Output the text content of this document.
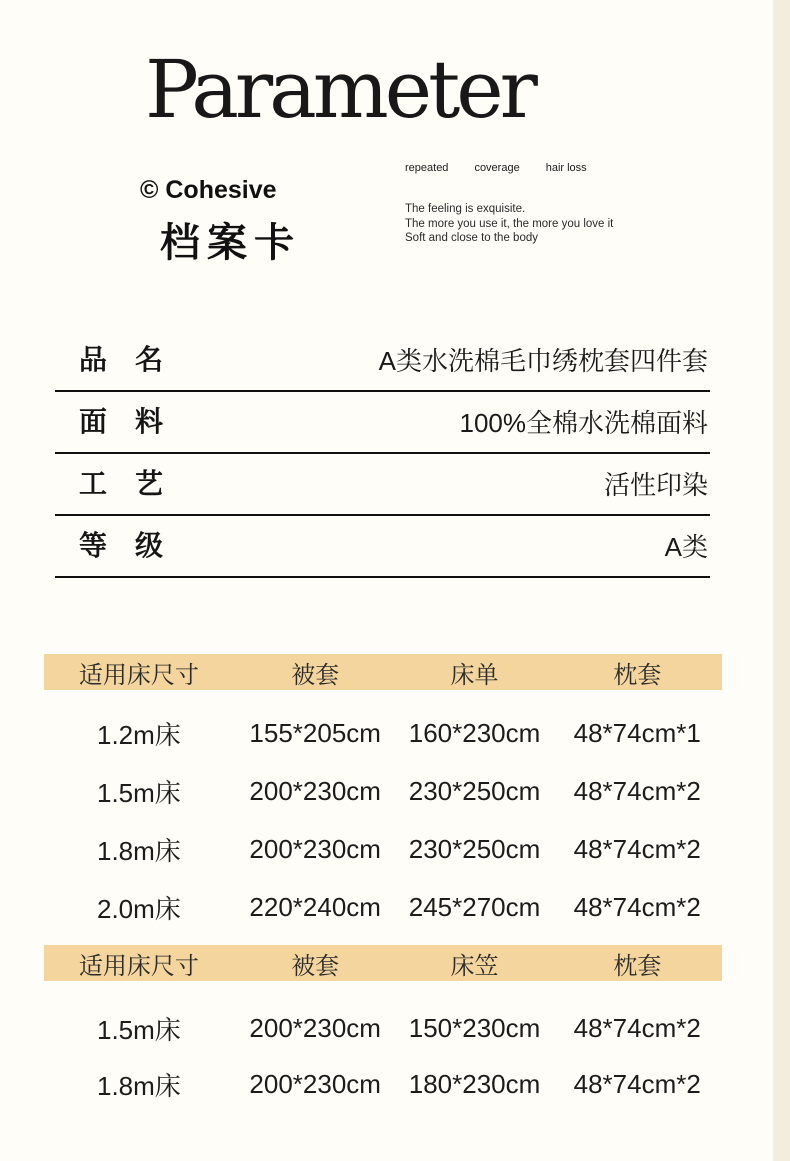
Parameter
© Cohesive
档案卡
repeated coverage hair loss
The feeling is exquisite.
The more you use it, the more you love it
Soft and close to the body
品　名	A类水洗棉毛巾绣枕套四件套
面　料	100%全棉水洗棉面料
工　艺	活性印染
等　级	A类
适用床尺寸	被套	床单	枕套
1.2m床	155*205cm	160*230cm	48*74cm*1
1.5m床	200*230cm	230*250cm	48*74cm*2
1.8m床	200*230cm	230*250cm	48*74cm*2
2.0m床	220*240cm	245*270cm	48*74cm*2
适用床尺寸	被套	床笠	枕套
1.5m床	200*230cm	150*230cm	48*74cm*2
1.8m床	200*230cm	180*230cm	48*74cm*2
